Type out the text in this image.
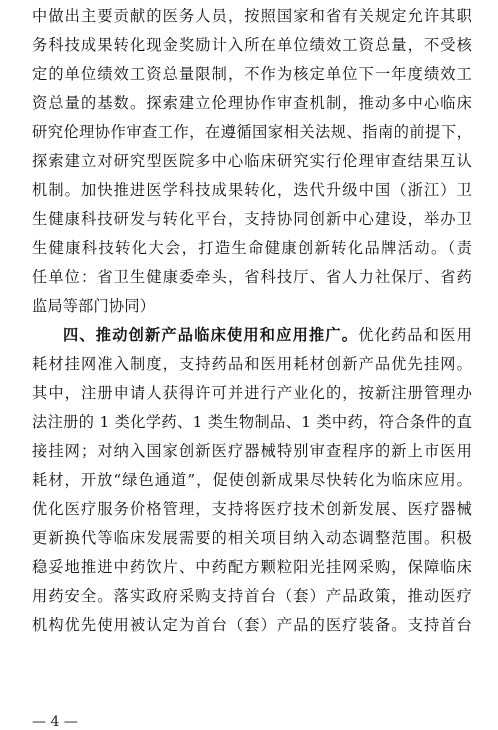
中做出主要贡献的医务人员，按照国家和省有关规定允许其职
务科技成果转化现金奖励计入所在单位绩效工资总量，不受核
定的单位绩效工资总量限制，不作为核定单位下一年度绩效工
资总量的基数。探索建立伦理协作审查机制，推动多中心临床
研究伦理协作审查工作，在遵循国家相关法规、指南的前提下，
探索建立对研究型医院多中心临床研究实行伦理审查结果互认
机制。加快推进医学科技成果转化，迭代升级中国（浙江）卫
生健康科技研发与转化平台，支持协同创新中心建设，举办卫
生健康科技转化大会，打造生命健康创新转化品牌活动。（责
任单位：省卫生健康委牵头，省科技厅、省人力社保厅、省药
监局等部门协同）
四、推动创新产品临床使用和应用推广。优化药品和医用
耗材挂网准入制度，支持药品和医用耗材创新产品优先挂网。
其中，注册申请人获得许可并进行产业化的，按新注册管理办
法注册的 1 类化学药、1 类生物制品、1 类中药，符合条件的直
接挂网；对纳入国家创新医疗器械特别审查程序的新上市医用
耗材，开放“绿色通道”，促使创新成果尽快转化为临床应用。
优化医疗服务价格管理，支持将医疗技术创新发展、医疗器械
更新换代等临床发展需要的相关项目纳入动态调整范围。积极
稳妥地推进中药饮片、中药配方颗粒阳光挂网采购，保障临床
用药安全。落实政府采购支持首台（套）产品政策，推动医疗
机构优先使用被认定为首台（套）产品的医疗装备。支持首台
— 4 —
